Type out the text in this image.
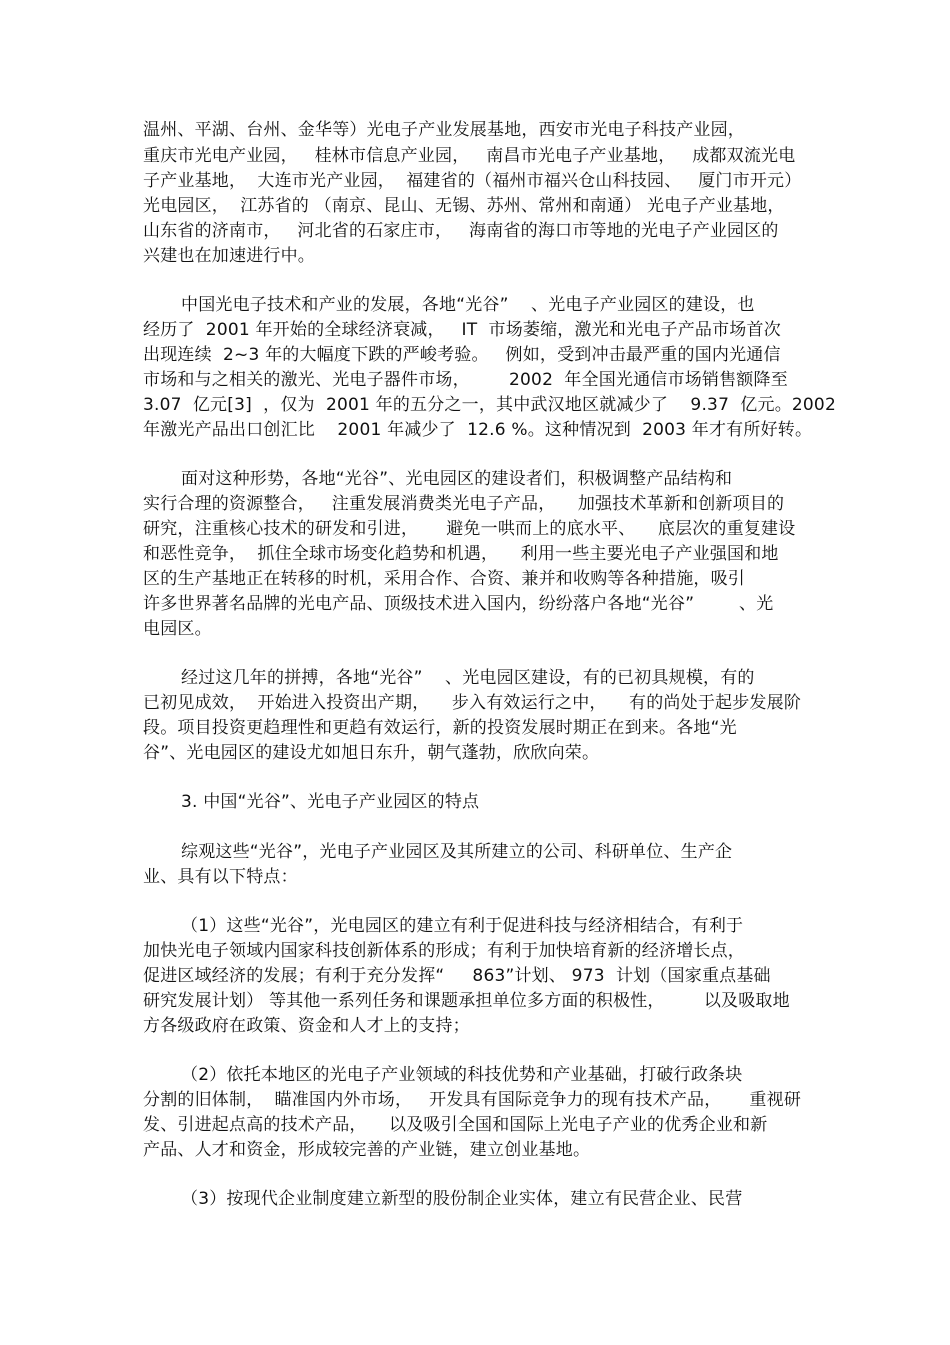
温州、平湖、台州、金华等）光电子产业发展基地，西安市光电子科技产业园，
重庆市光电产业园，   桂林市信息产业园，   南昌市光电子产业基地，   成都双流光电
子产业基地，  大连市光产业园，  福建省的（福州市福兴仓山科技园、   厦门市开元）
光电园区，  江苏省的 （南京、昆山、无锡、苏州、常州和南通） 光电子产业基地，
山东省的济南市，   河北省的石家庄市，   海南省的海口市等地的光电子产业园区的
兴建也在加速进行中。
中国光电子技术和产业的发展，各地“光谷”    、光电子产业园区的建设，也
经历了  2001 年开始的全球经济衰减，   IT  市场萎缩，激光和光电子产品市场首次
出现连续  2~3 年的大幅度下跌的严峻考验。   例如，受到冲击最严重的国内光通信
市场和与之相关的激光、光电子器件市场，       2002  年全国光通信市场销售额降至
3.07  亿元[3]  ，仅为  2001 年的五分之一，其中武汉地区就减少了    9.37  亿元。2002
年激光产品出口创汇比    2001 年减少了  12.6 %。这种情况到  2003 年才有所好转。
面对这种形势，各地“光谷”、光电园区的建设者们，积极调整产品结构和
实行合理的资源整合，   注重发展消费类光电子产品，    加强技术革新和创新项目的
研究，注重核心技术的研发和引进，     避免一哄而上的底水平、    底层次的重复建设
和恶性竞争，  抓住全球市场变化趋势和机遇，    利用一些主要光电子产业强国和地
区的生产基地正在转移的时机，采用合作、合资、兼并和收购等各种措施，吸引
许多世界著名品牌的光电产品、顶级技术进入国内，纷纷落户各地“光谷”        、光
电园区。
经过这几年的拼搏，各地“光谷”    、光电园区建设，有的已初具规模，有的
已初见成效，  开始进入投资出产期，    步入有效运行之中，    有的尚处于起步发展阶
段。项目投资更趋理性和更趋有效运行，新的投资发展时期正在到来。各地“光
谷”、光电园区的建设尤如旭日东升，朝气蓬勃，欣欣向荣。
3. 中国“光谷”、光电子产业园区的特点
综观这些“光谷”，光电子产业园区及其所建立的公司、科研单位、生产企
业、具有以下特点：
（1）这些“光谷”，光电园区的建立有利于促进科技与经济相结合，有利于
加快光电子领域内国家科技创新体系的形成；有利于加快培育新的经济增长点，
促进区域经济的发展；有利于充分发挥“     863”计划、 973  计划（国家重点基础
研究发展计划） 等其他一系列任务和课题承担单位多方面的积极性，       以及吸取地
方各级政府在政策、资金和人才上的支持；
（2）依托本地区的光电子产业领域的科技优势和产业基础，打破行政条块
分割的旧体制，  瞄准国内外市场，   开发具有国际竞争力的现有技术产品，     重视研
发、引进起点高的技术产品，    以及吸引全国和国际上光电子产业的优秀企业和新
产品、人才和资金，形成较完善的产业链，建立创业基地。
（3）按现代企业制度建立新型的股份制企业实体，建立有民营企业、民营
